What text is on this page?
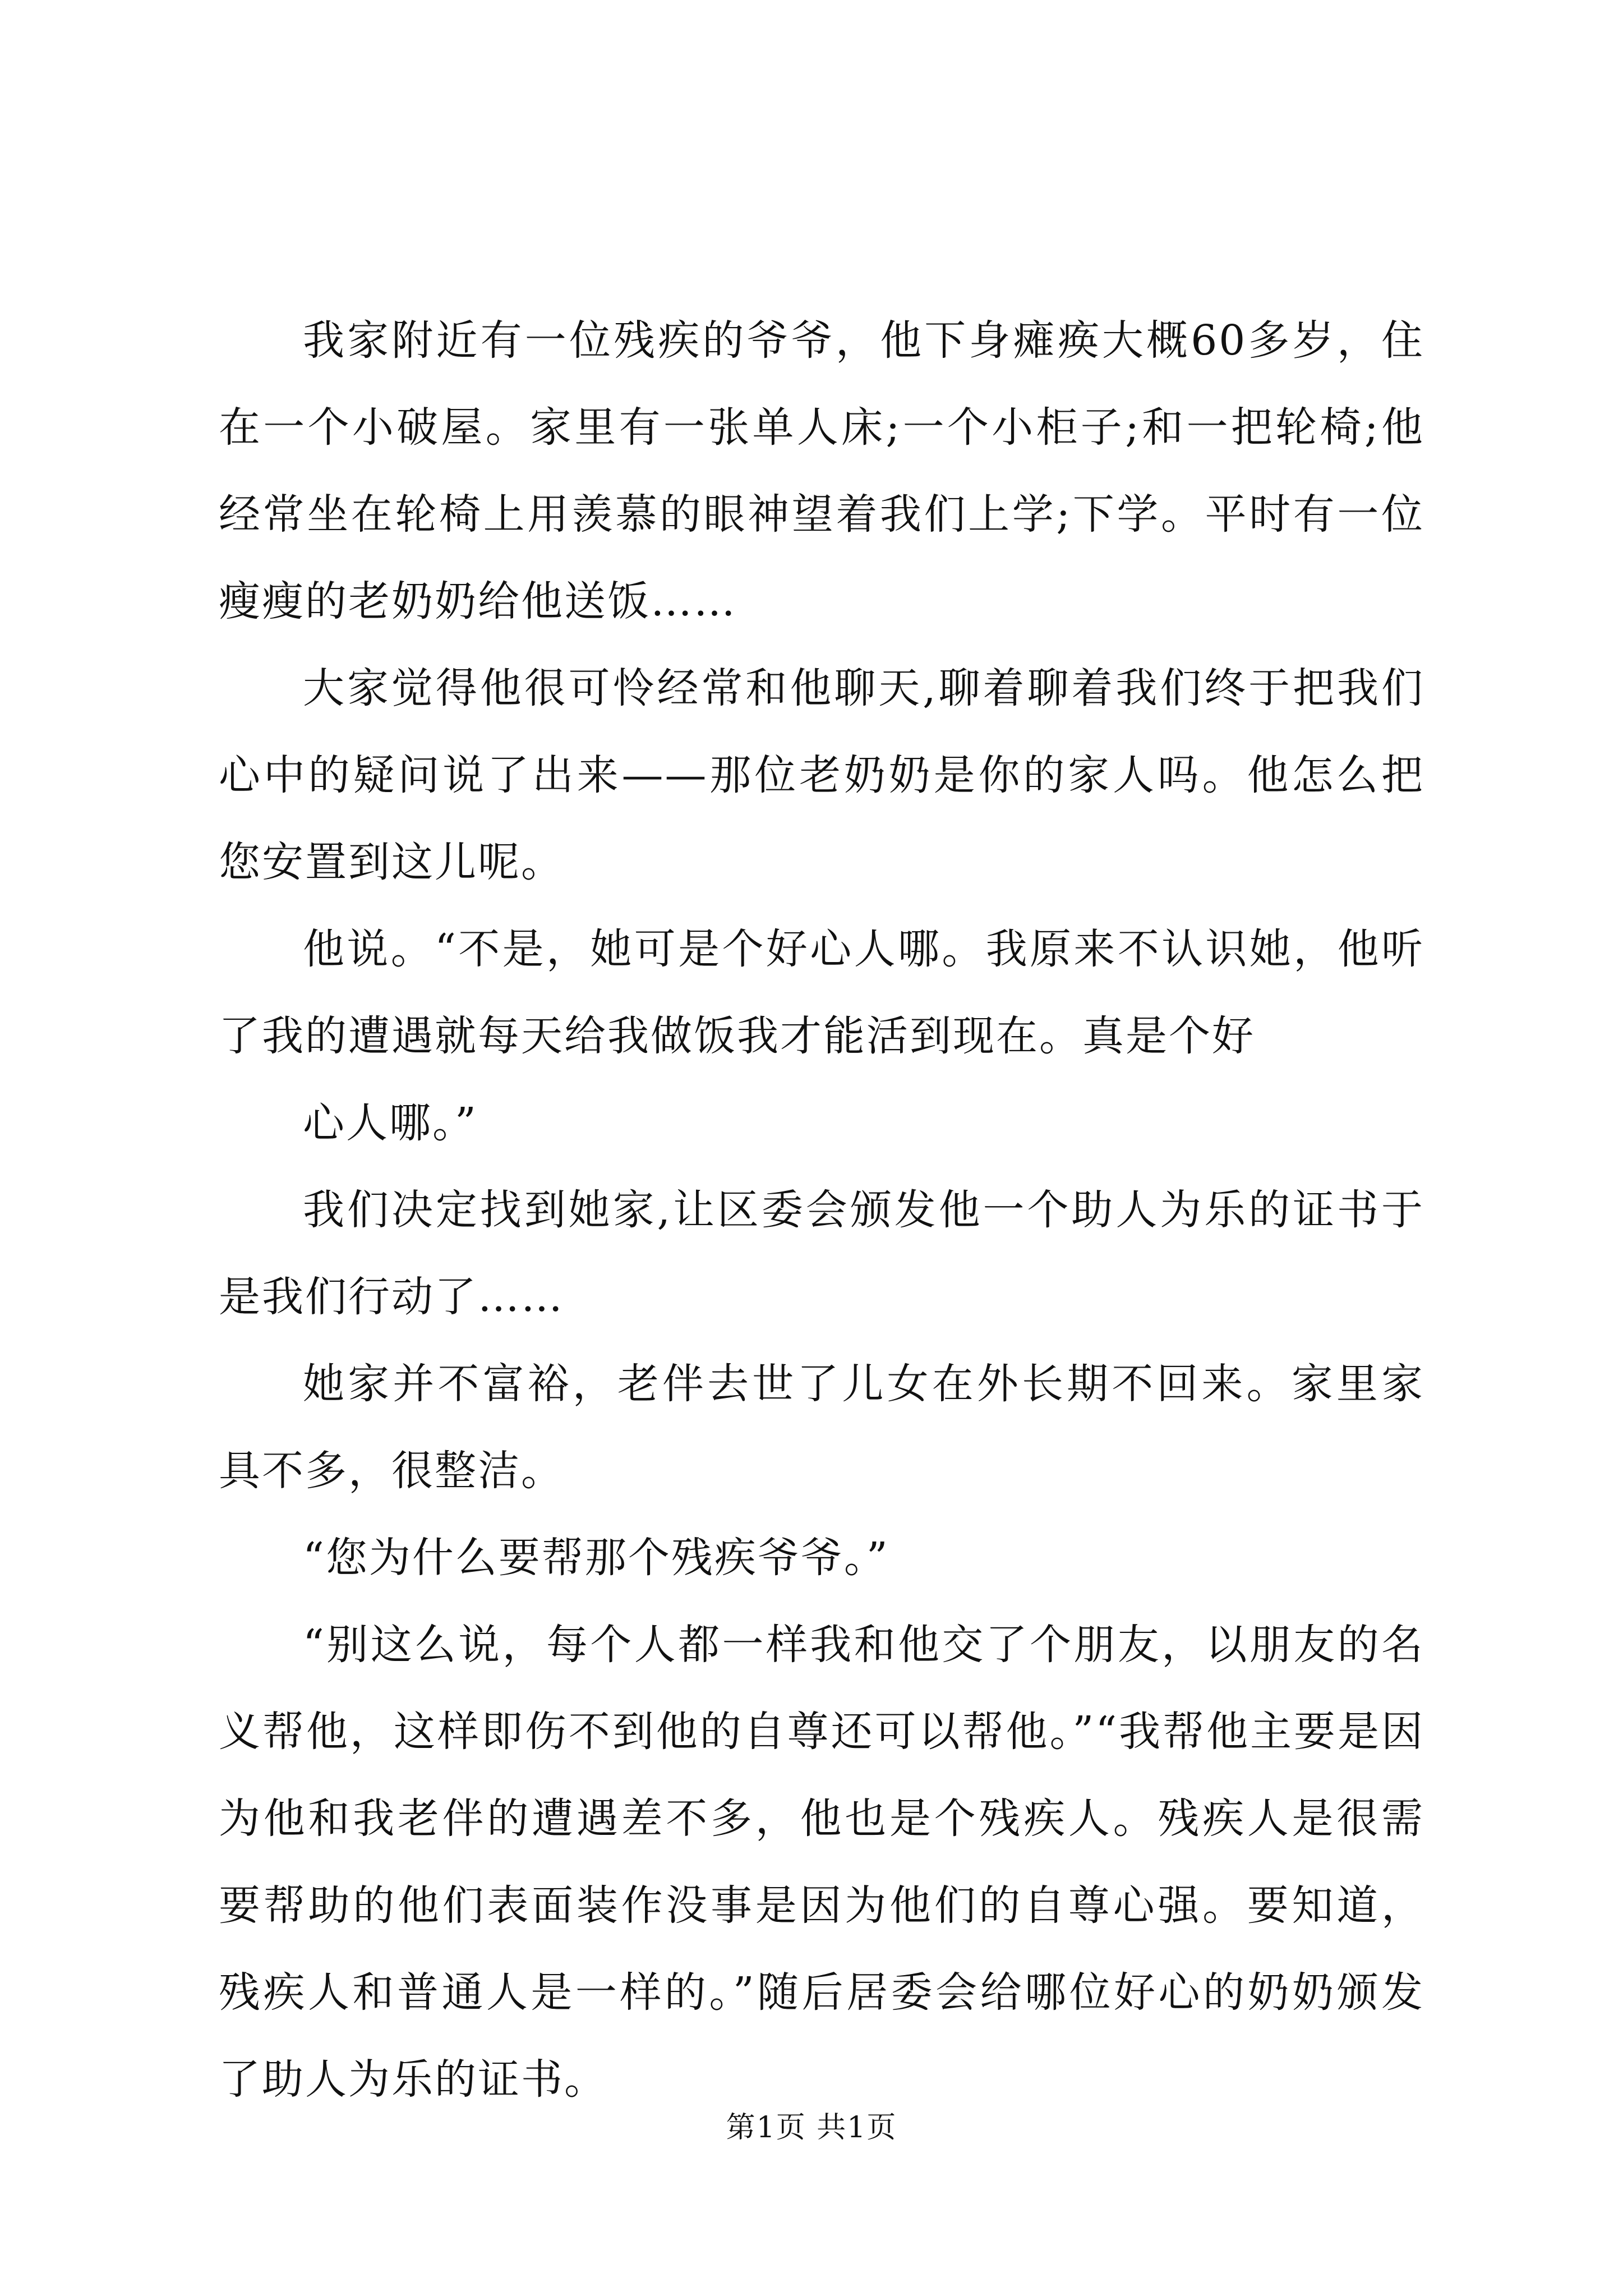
我家附近有一位残疾的爷爷，他下身瘫痪大概60多岁，住在一个小破屋。家里有一张单人床;一个小柜子;和一把轮椅;他经常坐在轮椅上用羡慕的眼神望着我们上学;下学。平时有一位瘦瘦的老奶奶给他送饭……

大家觉得他很可怜经常和他聊天,聊着聊着我们终于把我们心中的疑问说了出来——那位老奶奶是你的家人吗。他怎么把您安置到这儿呢。

他说。“不是，她可是个好心人哪。我原来不认识她，他听了我的遭遇就每天给我做饭我才能活到现在。真是个好

心人哪。”

我们决定找到她家,让区委会颁发他一个助人为乐的证书于是我们行动了……

她家并不富裕，老伴去世了儿女在外长期不回来。家里家具不多，很整洁。

“您为什么要帮那个残疾爷爷。”

“别这么说，每个人都一样我和他交了个朋友，以朋友的名义帮他，这样即伤不到他的自尊还可以帮他。”“我帮他主要是因为他和我老伴的遭遇差不多，他也是个残疾人。残疾人是很需要帮助的他们表面装作没事是因为他们的自尊心强。要知道，残疾人和普通人是一样的。”随后居委会给哪位好心的奶奶颁发了助人为乐的证书。

第1页 共1页
